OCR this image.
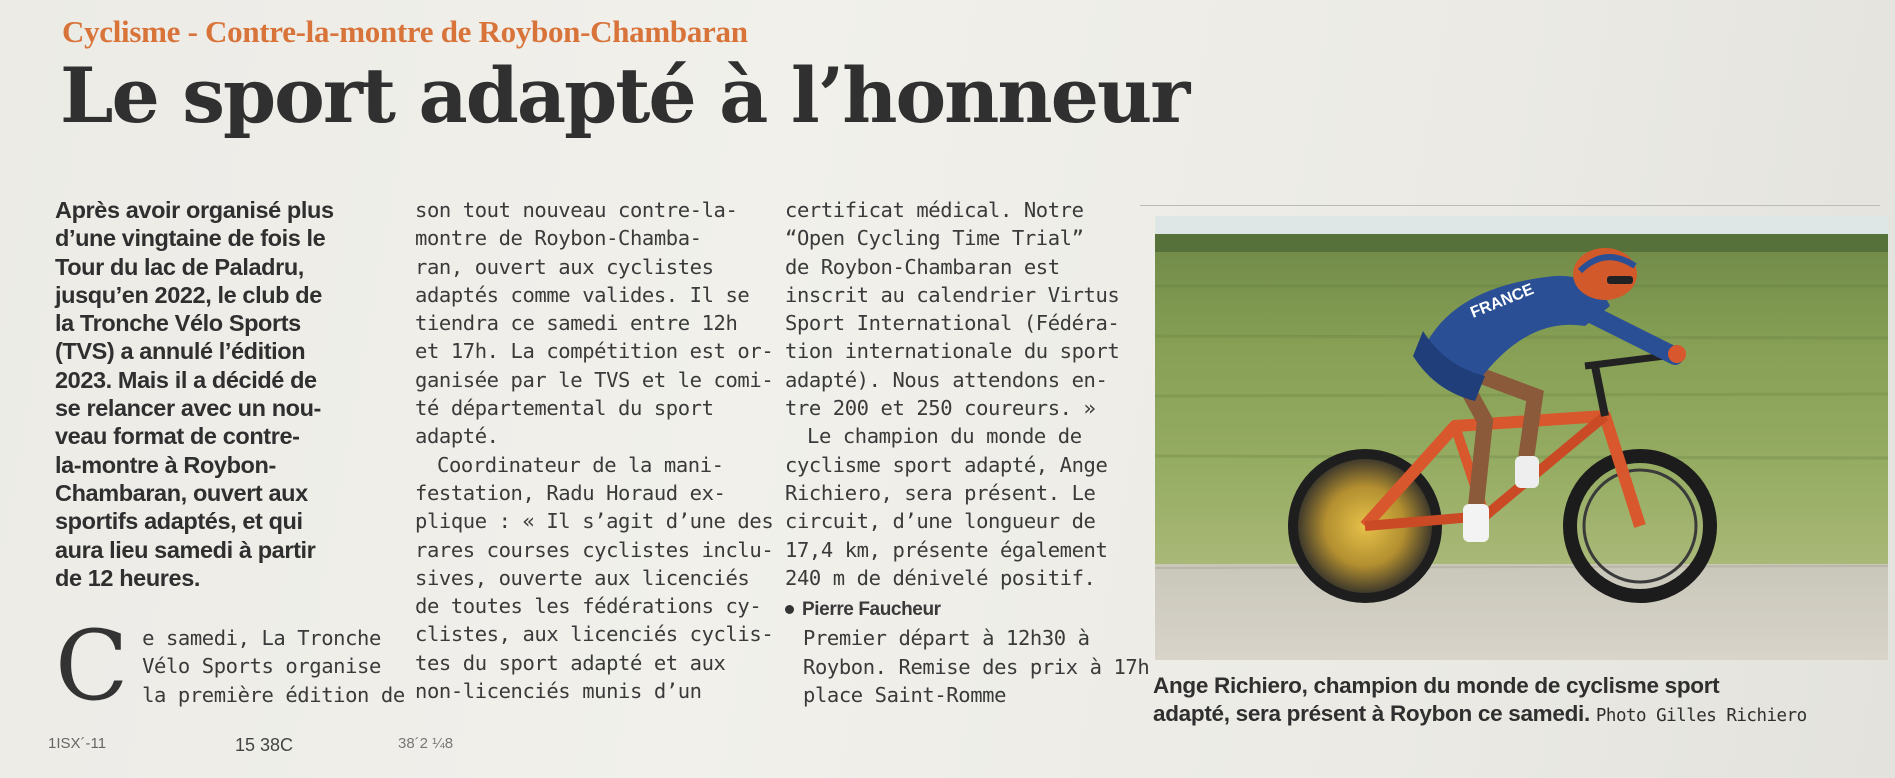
Cyclisme - Contre-la-montre de Roybon-Chambaran
Le sport adapté à l’honneur
Après avoir organisé plus
d’une vingtaine de fois le
Tour du lac de Paladru,
jusqu’en 2022, le club de
la Tronche Vélo Sports
(TVS) a annulé l’édition
2023. Mais il a décidé de
se relancer avec un nou-
veau format de contre-
la-montre à Roybon-
Chambaran, ouvert aux
sportifs adaptés, et qui
aura lieu samedi à partir
de 12 heures.
C e samedi, La Tronche
Vélo Sports organise
la première édition de
son tout nouveau contre-la-
montre de Roybon-Chamba-
ran, ouvert aux cyclistes
adaptés comme valides. Il se
tiendra ce samedi entre 12h
et 17h. La compétition est or-
ganisée par le TVS et le comi-
té départemental du sport
adapté.
Coordinateur de la mani-
festation, Radu Horaud ex-
plique : « Il s’agit d’une des
rares courses cyclistes inclu-
sives, ouverte aux licenciés
de toutes les fédérations cy-
clistes, aux licenciés cyclis-
tes du sport adapté et aux
non-licenciés munis d’un
certificat médical. Notre
“Open Cycling Time Trial”
de Roybon-Chambaran est
inscrit au calendrier Virtus
Sport International (Fédéra-
tion internationale du sport
adapté). Nous attendons en-
tre 200 et 250 coureurs. »
Le champion du monde de
cyclisme sport adapté, Ange
Richiero, sera présent. Le
circuit, d’une longueur de
17,4 km, présente également
240 m de dénivelé positif.
Pierre Faucheur
Premier départ à 12h30 à
Roybon. Remise des prix à 17h
place Saint-Romme
FRANCE
Ange Richiero, champion du monde de cyclisme sport
adapté, sera présent à Roybon ce samedi. Photo Gilles Richiero
1ISX´-11	15 38C	38´2 ¼8
